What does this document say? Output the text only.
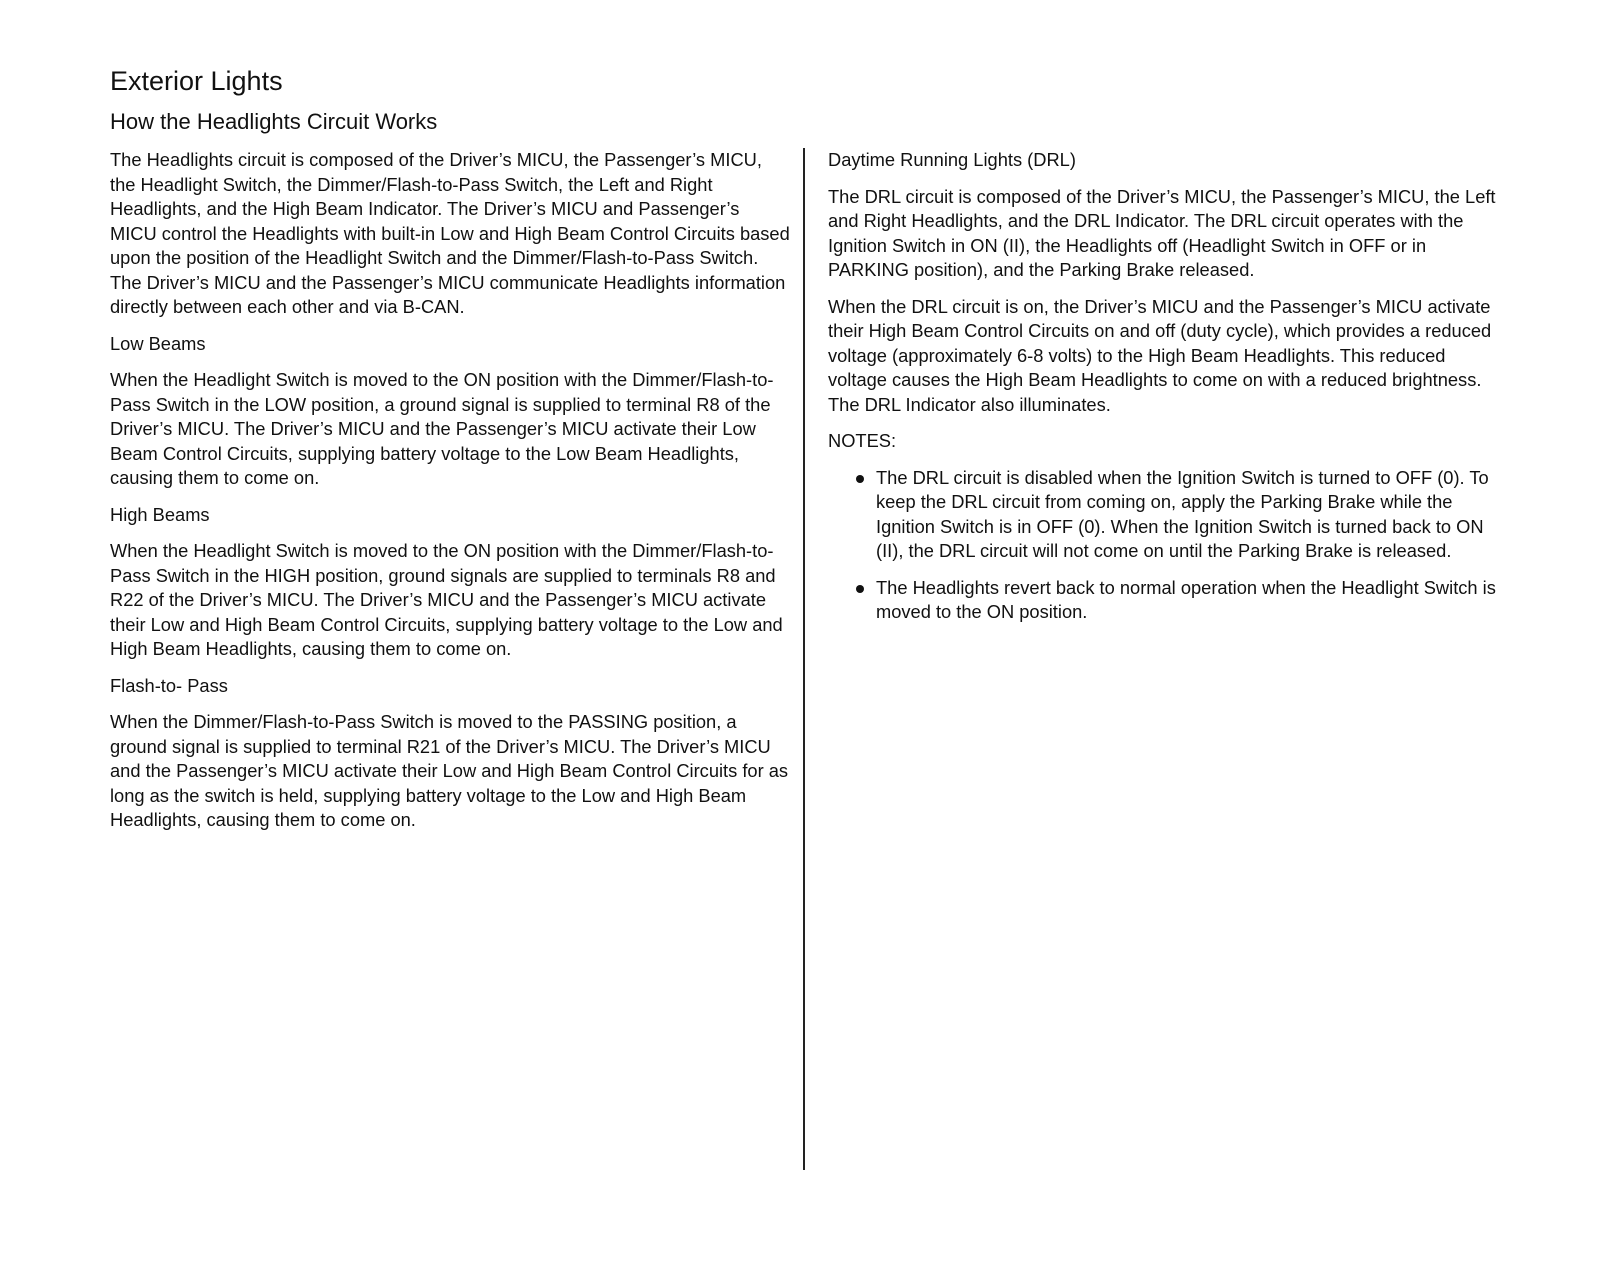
Exterior Lights
How the Headlights Circuit Works

The Headlights circuit is composed of the Driver’s MICU, the Passenger’s MICU, the Headlight Switch, the Dimmer/Flash-to-Pass Switch, the Left and Right Headlights, and the High Beam Indicator. The Driver’s MICU and Passenger’s MICU control the Headlights with built-in Low and High Beam Control Circuits based upon the position of the Headlight Switch and the Dimmer/Flash-to-Pass Switch. The Driver’s MICU and the Passenger’s MICU communicate Headlights information directly between each other and via B-CAN.

Low Beams

When the Headlight Switch is moved to the ON position with the Dimmer/Flash-to-Pass Switch in the LOW position, a ground signal is supplied to terminal R8 of the Driver’s MICU. The Driver’s MICU and the Passenger’s MICU activate their Low Beam Control Circuits, supplying battery voltage to the Low Beam Headlights, causing them to come on.

High Beams

When the Headlight Switch is moved to the ON position with the Dimmer/Flash-to-Pass Switch in the HIGH position, ground signals are supplied to terminals R8 and R22 of the Driver’s MICU. The Driver’s MICU and the Passenger’s MICU activate their Low and High Beam Control Circuits, supplying battery voltage to the Low and High Beam Headlights, causing them to come on.

Flash-to- Pass

When the Dimmer/Flash-to-Pass Switch is moved to the PASSING position, a ground signal is supplied to terminal R21 of the Driver’s MICU. The Driver’s MICU and the Passenger’s MICU activate their Low and High Beam Control Circuits for as long as the switch is held, supplying battery voltage to the Low and High Beam Headlights, causing them to come on.

Daytime Running Lights (DRL)

The DRL circuit is composed of the Driver’s MICU, the Passenger’s MICU, the Left and Right Headlights, and the DRL Indicator. The DRL circuit operates with the Ignition Switch in ON (II), the Headlights off (Headlight Switch in OFF or in PARKING position), and the Parking Brake released.

When the DRL circuit is on, the Driver’s MICU and the Passenger’s MICU activate their High Beam Control Circuits on and off (duty cycle), which provides a reduced voltage (approximately 6-8 volts) to the High Beam Headlights. This reduced voltage causes the High Beam Headlights to come on with a reduced brightness. The DRL Indicator also illuminates.

NOTES:
The DRL circuit is disabled when the Ignition Switch is turned to OFF (0). To keep the DRL circuit from coming on, apply the Parking Brake while the Ignition Switch is in OFF (0). When the Ignition Switch is turned back to ON (II), the DRL circuit will not come on until the Parking Brake is released.
The Headlights revert back to normal operation when the Headlight Switch is moved to the ON position.
